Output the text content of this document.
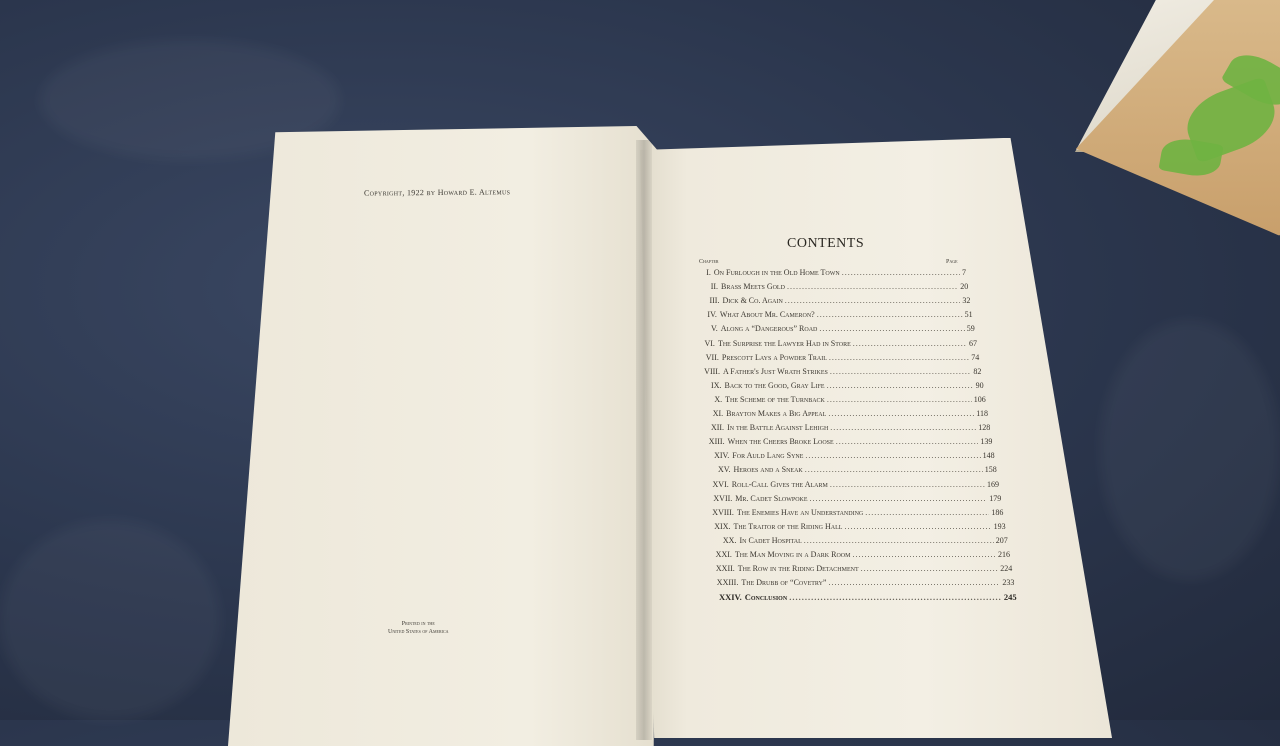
Copyright, 1922 by Howard E. Altemus
Printed in the
United States of America
CONTENTS
Chapter	Page
I. On Furlough in the Old Home Town .....	7
II. Brass Meets Gold .....	20
III. Dick & Co. Again .....	32
IV. What About Mr. Cameron? .....	51
V. Along a “Dangerous” Road .....	59
VI. The Surprise the Lawyer Had in Store .....	67
VII. Prescott Lays a Powder Trail .....	74
VIII. A Father's Just Wrath Strikes .....	82
IX. Back to the Good, Gray Life .....	90
X. The Scheme of the Turnback .....	106
XI. Brayton Makes a Big Appeal .....	118
XII. In the Battle Against Lehigh .....	128
XIII. When the Cheers Broke Loose .....	139
XIV. For Auld Lang Syne .....	148
XV. Heroes and a Sneak .....	158
XVI. Roll-Call Gives the Alarm .....	169
XVII. Mr. Cadet Slowpoke .....	179
XVIII. The Enemies Have an Understanding .....	186
XIX. The Traitor of the Riding Hall .....	193
XX. In Cadet Hospital .....	207
XXI. The Man Moving in a Dark Room .....	216
XXII. The Row in the Riding Detachment .....	224
XXIII. The Drubb of “Covetry” .....	233
XXIV. Conclusion .....	245
